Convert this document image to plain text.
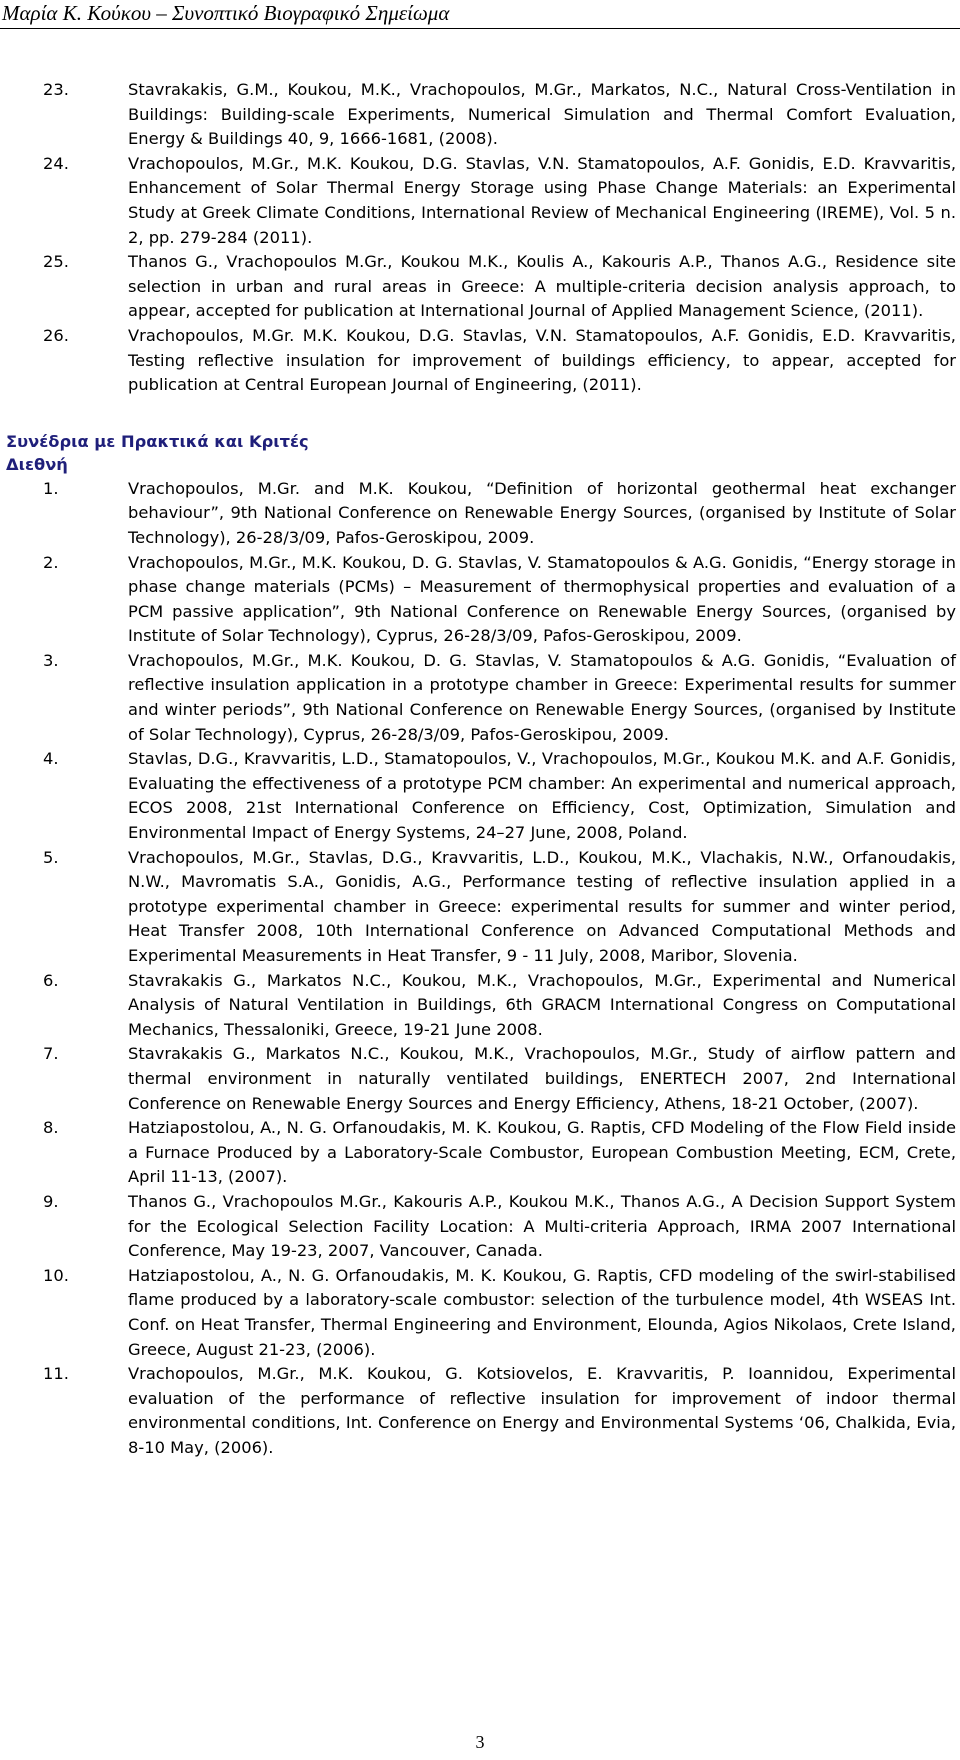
Μαρία Κ. Κούκου – Συνοπτικό Βιογραφικό Σημείωμα
23.	Stavrakakis, G.M., Koukou, M.K., Vrachopoulos, M.Gr., Markatos, N.C., Natural Cross-Ventilation in Buildings: Building-scale Experiments, Numerical Simulation and Thermal Comfort Evaluation, Energy & Buildings 40, 9, 1666-1681, (2008).
24.	Vrachopoulos, M.Gr., M.K. Koukou, D.G. Stavlas, V.N. Stamatopoulos, A.F. Gonidis, E.D. Kravvaritis, Enhancement of Solar Thermal Energy Storage using Phase Change Materials: an Experimental Study at Greek Climate Conditions, International Review of Mechanical Engineering (IREME), Vol. 5 n. 2, pp. 279-284 (2011).
25.	Thanos G., Vrachopoulos M.Gr., Koukou M.K., Koulis A., Kakouris A.P., Thanos A.G., Residence site selection in urban and rural areas in Greece: A multiple-criteria decision analysis approach, to appear, accepted for publication at International Journal of Applied Management Science, (2011).
26.	Vrachopoulos, M.Gr. M.K. Koukou, D.G. Stavlas, V.N. Stamatopoulos, A.F. Gonidis, E.D. Kravvaritis, Testing reflective insulation for improvement of buildings efficiency, to appear, accepted for publication at Central European Journal of Engineering, (2011).
Συνέδρια με Πρακτικά και Κριτές
Διεθνή
1.	Vrachopoulos, M.Gr. and M.K. Koukou, “Definition of horizontal geothermal heat exchanger behaviour”, 9th National Conference on Renewable Energy Sources, (organised by Institute of Solar Technology), 26-28/3/09, Pafos-Geroskipou, 2009.
2.	Vrachopoulos, M.Gr., M.K. Koukou, D. G. Stavlas, V. Stamatopoulos & A.G. Gonidis, “Energy storage in phase change materials (PCMs) – Measurement of thermophysical properties and evaluation of a PCM passive application”, 9th National Conference on Renewable Energy Sources, (organised by Institute of Solar Technology), Cyprus, 26-28/3/09, Pafos-Geroskipou, 2009.
3.	Vrachopoulos, M.Gr., M.K. Koukou, D. G. Stavlas, V. Stamatopoulos & A.G. Gonidis, “Evaluation of reflective insulation application in a prototype chamber in Greece: Experimental results for summer and winter periods”, 9th National Conference on Renewable Energy Sources, (organised by Institute of Solar Technology), Cyprus, 26-28/3/09, Pafos-Geroskipou, 2009.
4.	Stavlas, D.G., Kravvaritis, L.D., Stamatopoulos, V., Vrachopoulos, M.Gr., Koukou M.K. and A.F. Gonidis, Evaluating the effectiveness of a prototype PCM chamber: An experimental and numerical approach, ECOS 2008, 21st International Conference on Efficiency, Cost, Optimization, Simulation and Environmental Impact of Energy Systems, 24–27 June, 2008, Poland.
5.	Vrachopoulos, M.Gr., Stavlas, D.G., Kravvaritis, L.D., Koukou, M.K., Vlachakis, N.W., Orfanoudakis, N.W., Mavromatis S.A., Gonidis, A.G., Performance testing of reflective insulation applied in a prototype experimental chamber in Greece: experimental results for summer and winter period, Heat Transfer 2008, 10th International Conference on Advanced Computational Methods and Experimental Measurements in Heat Transfer, 9 - 11 July, 2008, Maribor, Slovenia.
6.	Stavrakakis G., Markatos N.C., Koukou, M.K., Vrachopoulos, M.Gr., Experimental and Numerical Analysis of Natural Ventilation in Buildings, 6th GRACM International Congress on Computational Mechanics, Thessaloniki, Greece, 19-21 June 2008.
7.	Stavrakakis G., Markatos N.C., Koukou, M.K., Vrachopoulos, M.Gr., Study of airflow pattern and thermal environment in naturally ventilated buildings, ENERTECH 2007, 2nd International Conference on Renewable Energy Sources and Energy Efficiency, Athens, 18-21 October, (2007).
8.	Hatziapostolou, A., N. G. Orfanoudakis, M. K. Koukou, G. Raptis, CFD Modeling of the Flow Field inside a Furnace Produced by a Laboratory-Scale Combustor, European Combustion Meeting, ECM, Crete, April 11-13, (2007).
9.	Thanos G., Vrachopoulos M.Gr., Kakouris A.P., Koukou M.K., Thanos A.G., A Decision Support System for the Ecological Selection Facility Location: A Multi-criteria Approach, IRMA 2007 International Conference, May 19-23, 2007, Vancouver, Canada.
10.	Hatziapostolou, A., N. G. Orfanoudakis, M. K. Koukou, G. Raptis, CFD modeling of the swirl-stabilised flame produced by a laboratory-scale combustor: selection of the turbulence model, 4th WSEAS Int. Conf. on Heat Transfer, Thermal Engineering and Environment, Elounda, Agios Nikolaos, Crete Island, Greece, August 21-23, (2006).
11.	Vrachopoulos, M.Gr., M.K. Koukou, G. Kotsiovelos, E. Kravvaritis, P. Ioannidou, Experimental evaluation of the performance of reflective insulation for improvement of indoor thermal environmental conditions, Int. Conference on Energy and Environmental Systems ‘06, Chalkida, Evia, 8-10 May, (2006).
3
